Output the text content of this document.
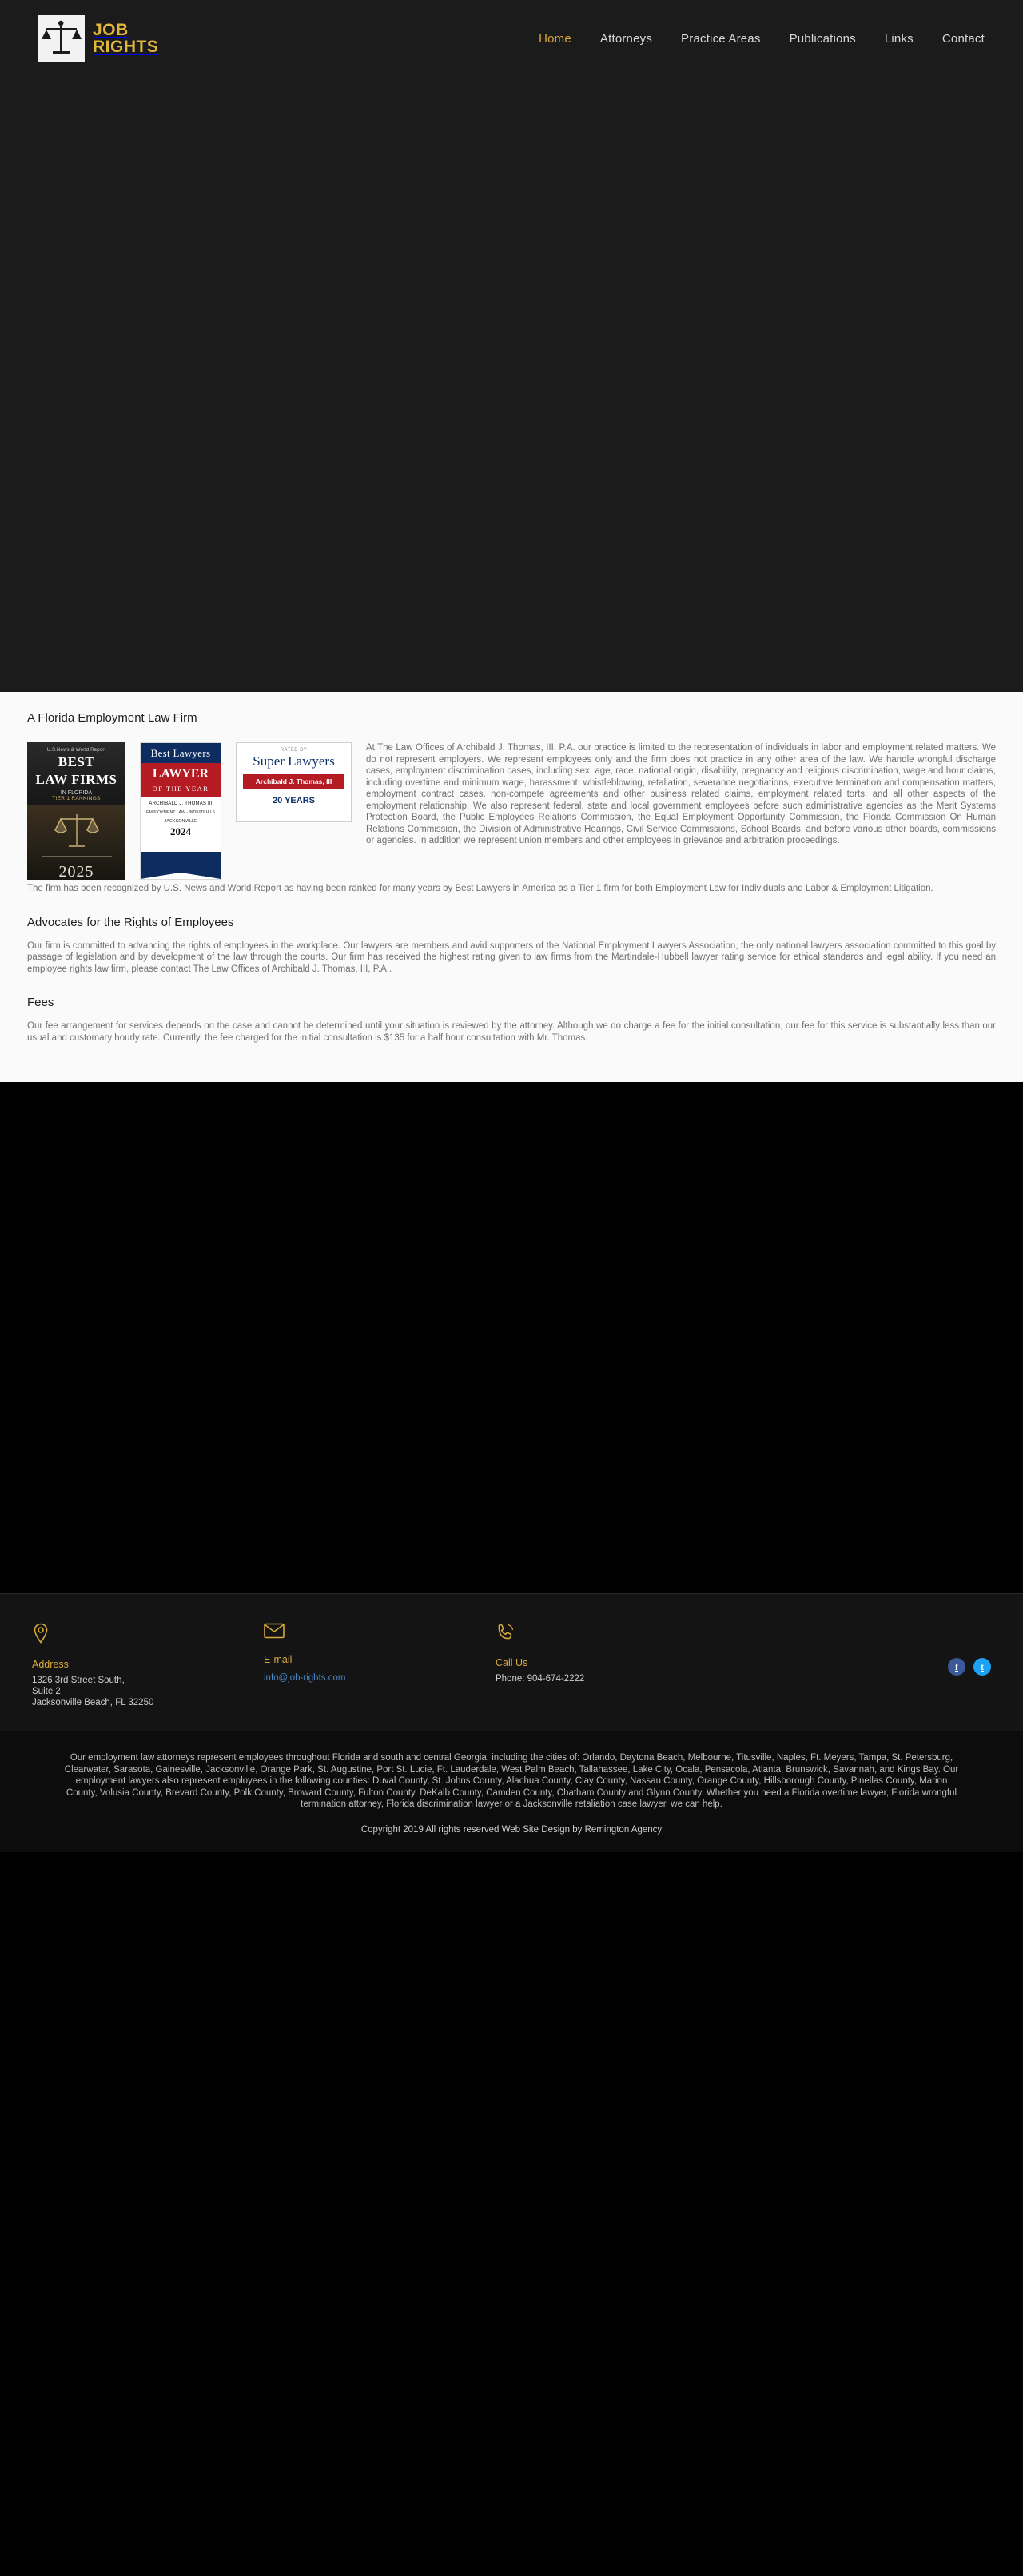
JOB
RIGHTS	Home Attorneys Practice Areas Publications Links Contact
A Florida Employment Law Firm
U.S.News & World Report
BEST
LAW FIRMS
IN FLORIDA
TIER 1 RANKINGS
2025
Best Lawyers
LAWYER
OF THE YEAR
ARCHIBALD J. THOMAS III
EMPLOYMENT LAW - INDIVIDUALS
JACKSONVILLE
2024
RATED BY
Super Lawyers
Archibald J. Thomas, III
20 YEARS

At The Law Offices of Archibald J. Thomas, III, P.A. our practice is limited to the representation of individuals in labor and employment related matters. We do not represent employers. We represent employees only and the firm does not practice in any other area of the law. We handle wrongful discharge cases, employment discrimination cases, including sex, age, race, national origin, disability, pregnancy and religious discrimination, wage and hour claims, including overtime and minimum wage, harassment, whistleblowing, retaliation, severance negotiations, executive termination and compensation matters, employment contract cases, non-compete agreements and other business related claims, employment related torts, and all other aspects of the employment relationship. We also represent federal, state and local government employees before such administrative agencies as the Merit Systems Protection Board, the Public Employees Relations Commission, the Equal Employment Opportunity Commission, the Florida Commission On Human Relations Commission, the Division of Administrative Hearings, Civil Service Commissions, School Boards, and before various other boards, commissions or agencies. In addition we represent union members and other employees in grievance and arbitration proceedings.

The firm has been recognized by U.S. News and World Report as having been ranked for many years by Best Lawyers in America as a Tier 1 firm for both Employment Law for Individuals and Labor & Employment Litigation.

Advocates for the Rights of Employees

Our firm is committed to advancing the rights of employees in the workplace. Our lawyers are members and avid supporters of the National Employment Lawyers Association, the only national lawyers association committed to this goal by passage of legislation and by development of the law through the courts. Our firm has received the highest rating given to law firms from the Martindale-Hubbell lawyer rating service for ethical standards and legal ability. If you need an employee rights law firm, please contact The Law Offices of Archibald J. Thomas, III, P.A..

Fees

Our fee arrangement for services depends on the case and cannot be determined until your situation is reviewed by the attorney. Although we do charge a fee for the initial consultation, our fee for this service is substantially less than our usual and customary hourly rate. Currently, the fee charged for the initial consultation is $135 for a half hour consultation with Mr. Thomas.

Address
1326 3rd Street South,
Suite 2
Jacksonville Beach, FL 32250
E-mail
info@job-rights.com
Call Us
Phone: 904-674-2222
f	t

Our employment law attorneys represent employees throughout Florida and south and central Georgia, including the cities of: Orlando, Daytona Beach, Melbourne, Titusville, Naples, Ft. Meyers, Tampa, St. Petersburg, Clearwater, Sarasota, Gainesville, Jacksonville, Orange Park, St. Augustine, Port St. Lucie, Ft. Lauderdale, West Palm Beach, Tallahassee, Lake City, Ocala, Pensacola, Atlanta, Brunswick, Savannah, and Kings Bay. Our employment lawyers also represent employees in the following counties: Duval County, St. Johns County, Alachua County, Clay County, Nassau County, Orange County, Hillsborough County, Pinellas County, Marion County, Volusia County, Brevard County, Polk County, Broward County, Fulton County, DeKalb County, Camden County, Chatham County and Glynn County. Whether you need a Florida overtime lawyer, Florida wrongful termination attorney, Florida discrimination lawyer or a Jacksonville retaliation case lawyer, we can help.

Copyright 2019 All rights reserved Web Site Design by Remington Agency
